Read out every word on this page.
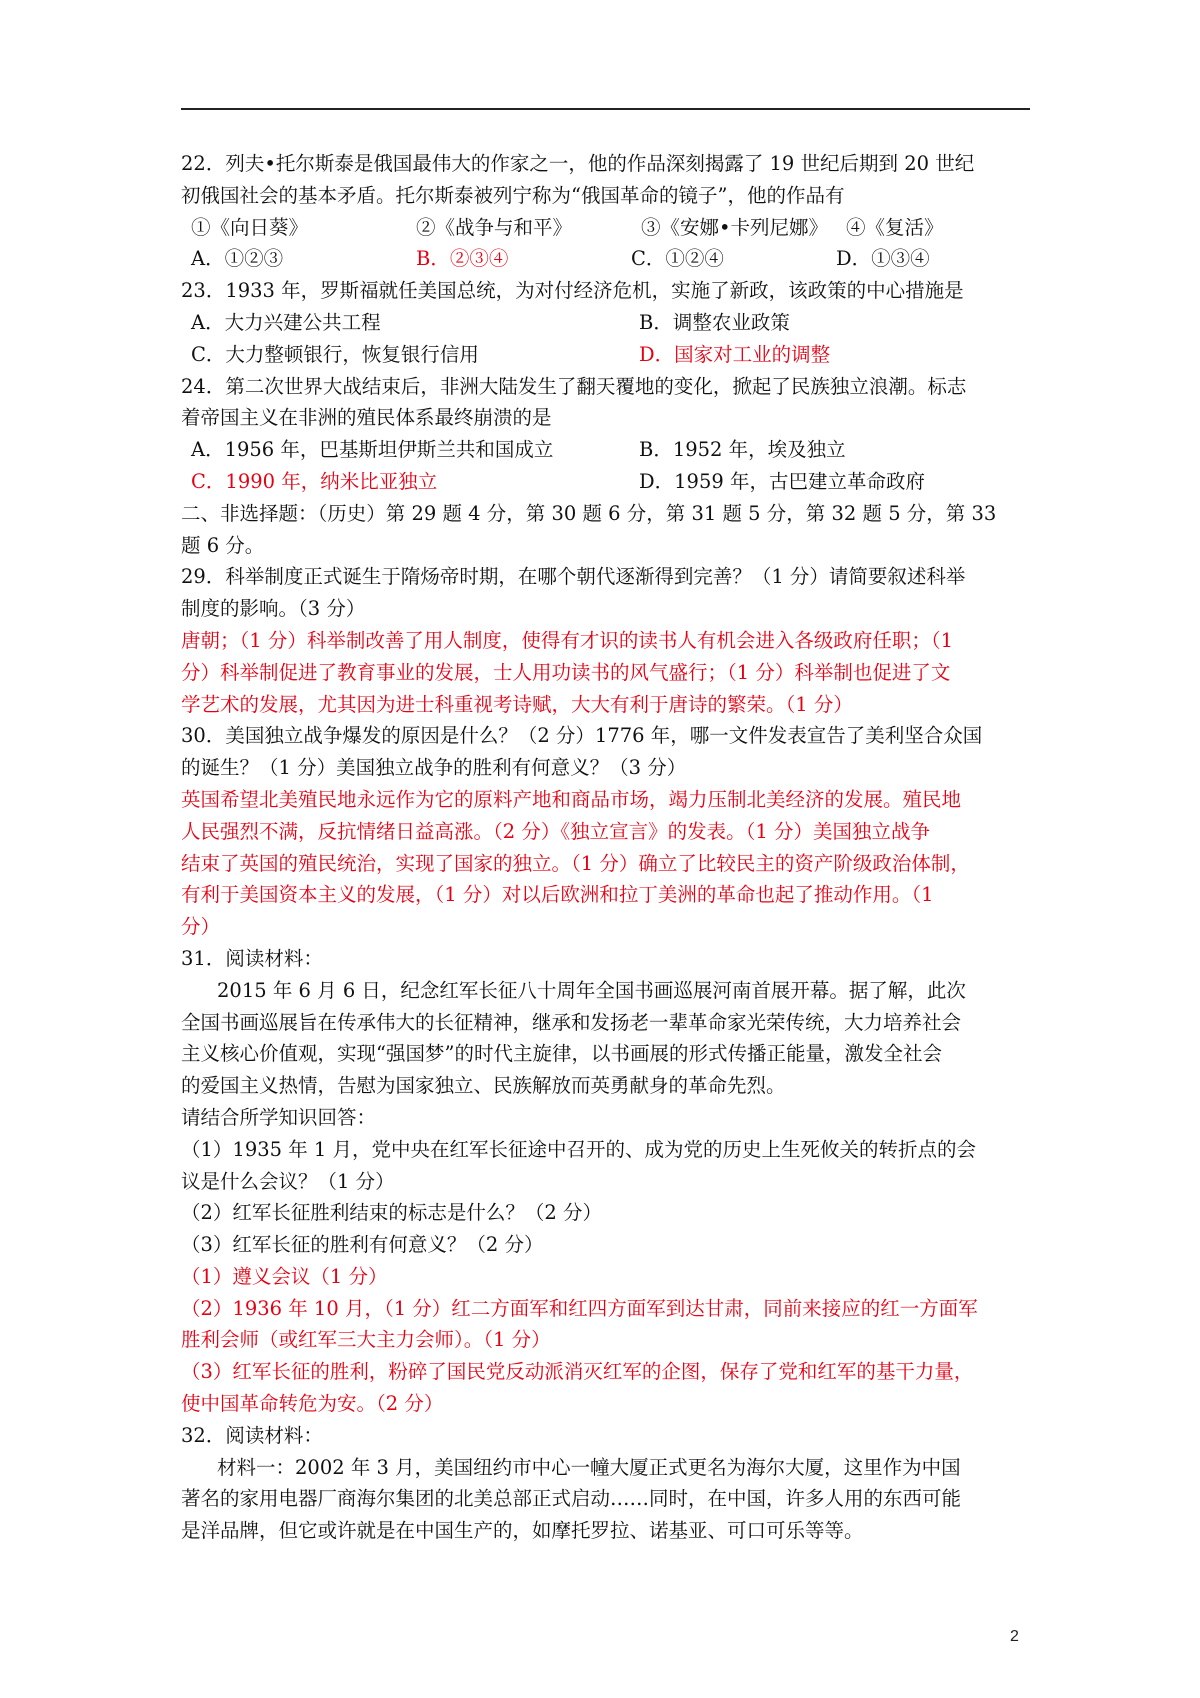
22．列夫•托尔斯泰是俄国最伟大的作家之一，他的作品深刻揭露了 19 世纪后期到 20 世纪
初俄国社会的基本矛盾。托尔斯泰被列宁称为“俄国革命的镜子”，他的作品有
①《向日葵》	②《战争与和平》	③《安娜•卡列尼娜》 ④《复活》
A．①②③	B．②③④	C．①②④	D．①③④
23．1933 年，罗斯福就任美国总统，为对付经济危机，实施了新政，该政策的中心措施是
A．大力兴建公共工程	B．调整农业政策
C．大力整顿银行，恢复银行信用	D．国家对工业的调整
24．第二次世界大战结束后，非洲大陆发生了翻天覆地的变化，掀起了民族独立浪潮。标志
着帝国主义在非洲的殖民体系最终崩溃的是
A．1956 年，巴基斯坦伊斯兰共和国成立	B．1952 年，埃及独立
C．1990 年，纳米比亚独立	D．1959 年，古巴建立革命政府
二、非选择题：（历史）第 29 题 4 分，第 30 题 6 分，第 31 题 5 分，第 32 题 5 分，第 33
题 6 分。
29．科举制度正式诞生于隋炀帝时期，在哪个朝代逐渐得到完善？（1 分）请简要叙述科举
制度的影响。（3 分）
唐朝；（1 分）科举制改善了用人制度，使得有才识的读书人有机会进入各级政府任职；（1
分）科举制促进了教育事业的发展，士人用功读书的风气盛行；（1 分）科举制也促进了文
学艺术的发展，尤其因为进士科重视考诗赋，大大有利于唐诗的繁荣。（1 分）
30．美国独立战争爆发的原因是什么？（2 分）1776 年，哪一文件发表宣告了美利坚合众国
的诞生？（1 分）美国独立战争的胜利有何意义？（3 分）
英国希望北美殖民地永远作为它的原料产地和商品市场，竭力压制北美经济的发展。殖民地
人民强烈不满，反抗情绪日益高涨。（2 分）《独立宣言》的发表。（1 分）美国独立战争
结束了英国的殖民统治，实现了国家的独立。（1 分）确立了比较民主的资产阶级政治体制，
有利于美国资本主义的发展，（1 分）对以后欧洲和拉丁美洲的革命也起了推动作用。（1
分）
31．阅读材料：
2015 年 6 月 6 日，纪念红军长征八十周年全国书画巡展河南首展开幕。据了解，此次
全国书画巡展旨在传承伟大的长征精神，继承和发扬老一辈革命家光荣传统，大力培养社会
主义核心价值观，实现“强国梦”的时代主旋律，以书画展的形式传播正能量，激发全社会
的爱国主义热情，告慰为国家独立、民族解放而英勇献身的革命先烈。
请结合所学知识回答：
（1）1935 年 1 月，党中央在红军长征途中召开的、成为党的历史上生死攸关的转折点的会
议是什么会议？（1 分）
（2）红军长征胜利结束的标志是什么？（2 分）
（3）红军长征的胜利有何意义？（2 分）
（1）遵义会议（1 分）
（2）1936 年 10 月，（1 分）红二方面军和红四方面军到达甘肃，同前来接应的红一方面军
胜利会师（或红军三大主力会师）。（1 分）
（3）红军长征的胜利，粉碎了国民党反动派消灭红军的企图，保存了党和红军的基干力量，
使中国革命转危为安。（2 分）
32．阅读材料：
材料一：2002 年 3 月，美国纽约市中心一幢大厦正式更名为海尔大厦，这里作为中国
著名的家用电器厂商海尔集团的北美总部正式启动……同时，在中国，许多人用的东西可能
是洋品牌，但它或许就是在中国生产的，如摩托罗拉、诺基亚、可口可乐等等。
2
